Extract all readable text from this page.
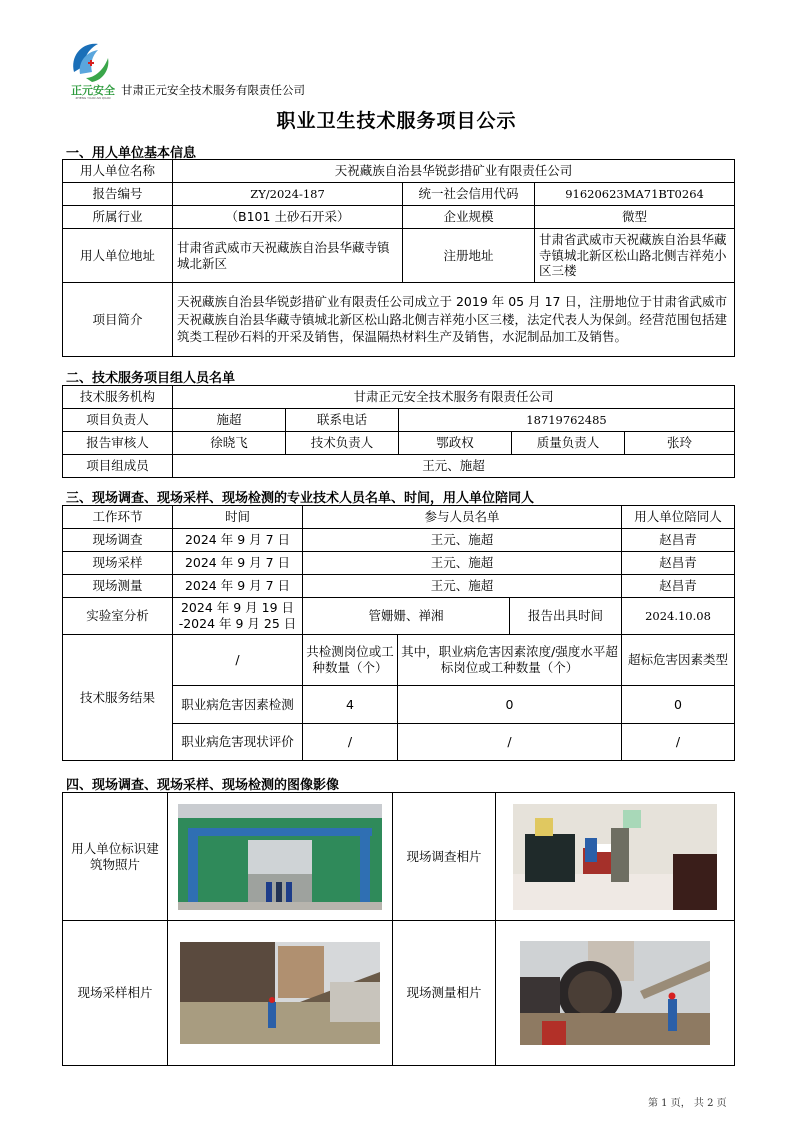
正元安全
ZHENG YUAN AN QUAN
甘肃正元安全技术服务有限责任公司
职业卫生技术服务项目公示
一、用人单位基本信息
用人单位名称	天祝藏族自治县华锐彭措矿业有限责任公司		
报告编号	ZY/2024-187	统一社会信用代码	91620623MA71BT0264
所属行业	（B101 土砂石开采）	企业规模	微型
用人单位地址	甘肃省武威市天祝藏族自治县华藏寺镇城北新区	注册地址	甘肃省武威市天祝藏族自治县华藏寺镇城北新区松山路北侧吉祥苑小区三楼
项目简介	天祝藏族自治县华锐彭措矿业有限责任公司成立于 2019 年 05 月 17 日，注册地位于甘肃省武威市天祝藏族自治县华藏寺镇城北新区松山路北侧吉祥苑小区三楼，法定代表人为保剑。经营范围包括建筑类工程砂石料的开采及销售，保温隔热材料生产及销售，水泥制品加工及销售。		
二、技术服务项目组人员名单
技术服务机构	甘肃正元安全技术服务有限责任公司				
项目负责人	施超	联系电话	18719762485		
报告审核人	徐晓飞	技术负责人	鄂政权	质量负责人	张玲
项目组成员	王元、施超				
三、现场调查、现场采样、现场检测的专业技术人员名单、时间，用人单位陪同人
工作环节	时间	参与人员名单			用人单位陪同人
现场调查	2024 年 9 月 7 日	王元、施超			赵昌青
现场采样	2024 年 9 月 7 日	王元、施超			赵昌青
现场测量	2024 年 9 月 7 日	王元、施超			赵昌青
实验室分析	2024 年 9 月 19 日
-2024 年 9 月 25 日	管姗姗、禅湘		报告出具时间	2024.10.08
技术服务结果	/	共检测岗位或工种数量（个）	其中，职业病危害因素浓度/强度水平超标岗位或工种数量（个）		超标危害因素类型
	职业病危害因素检测	4	0		0
	职业病危害现状评价	/	/		/
四、现场调查、现场采样、现场检测的图像影像
用人单位标识建筑物照片		现场调查相片	

现场采样相片		现场测量相片	
第 1 页， 共 2 页
